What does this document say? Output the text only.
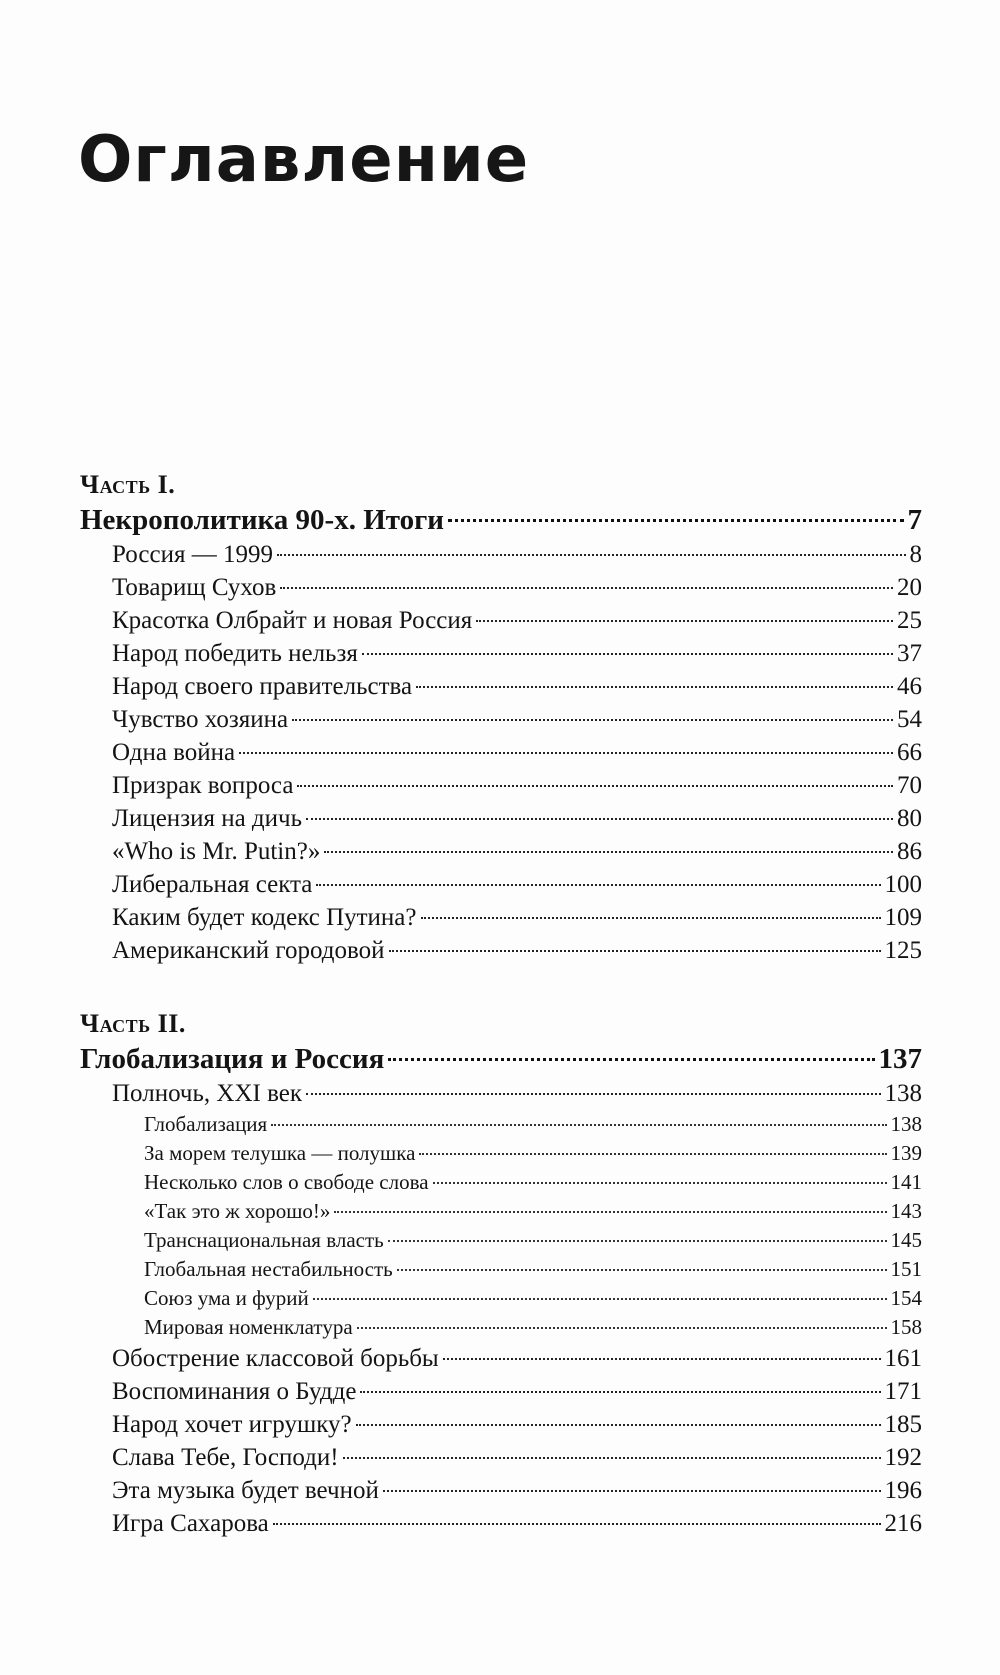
Оглавление
Часть I.
Некрополитика 90-х. Итоги	7
Россия — 1999	8
Товарищ Сухов	20
Красотка Олбрайт и новая Россия	25
Народ победить нельзя	37
Народ своего правительства	46
Чувство хозяина	54
Одна война	66
Призрак вопроса	70
Лицензия на дичь	80
«Who is Mr. Putin?»	86
Либеральная секта	100
Каким будет кодекс Путина?	109
Американский городовой	125
Часть II.
Глобализация и Россия	137
Полночь, XXI век	138
Глобализация	138
За морем телушка — полушка	139
Несколько слов о свободе слова	141
«Так это ж хорошо!»	143
Транснациональная власть	145
Глобальная нестабильность	151
Союз ума и фурий	154
Мировая номенклатура	158
Обострение классовой борьбы	161
Воспоминания о Будде	171
Народ хочет игрушку?	185
Слава Тебе, Господи!	192
Эта музыка будет вечной	196
Игра Сахарова	216
